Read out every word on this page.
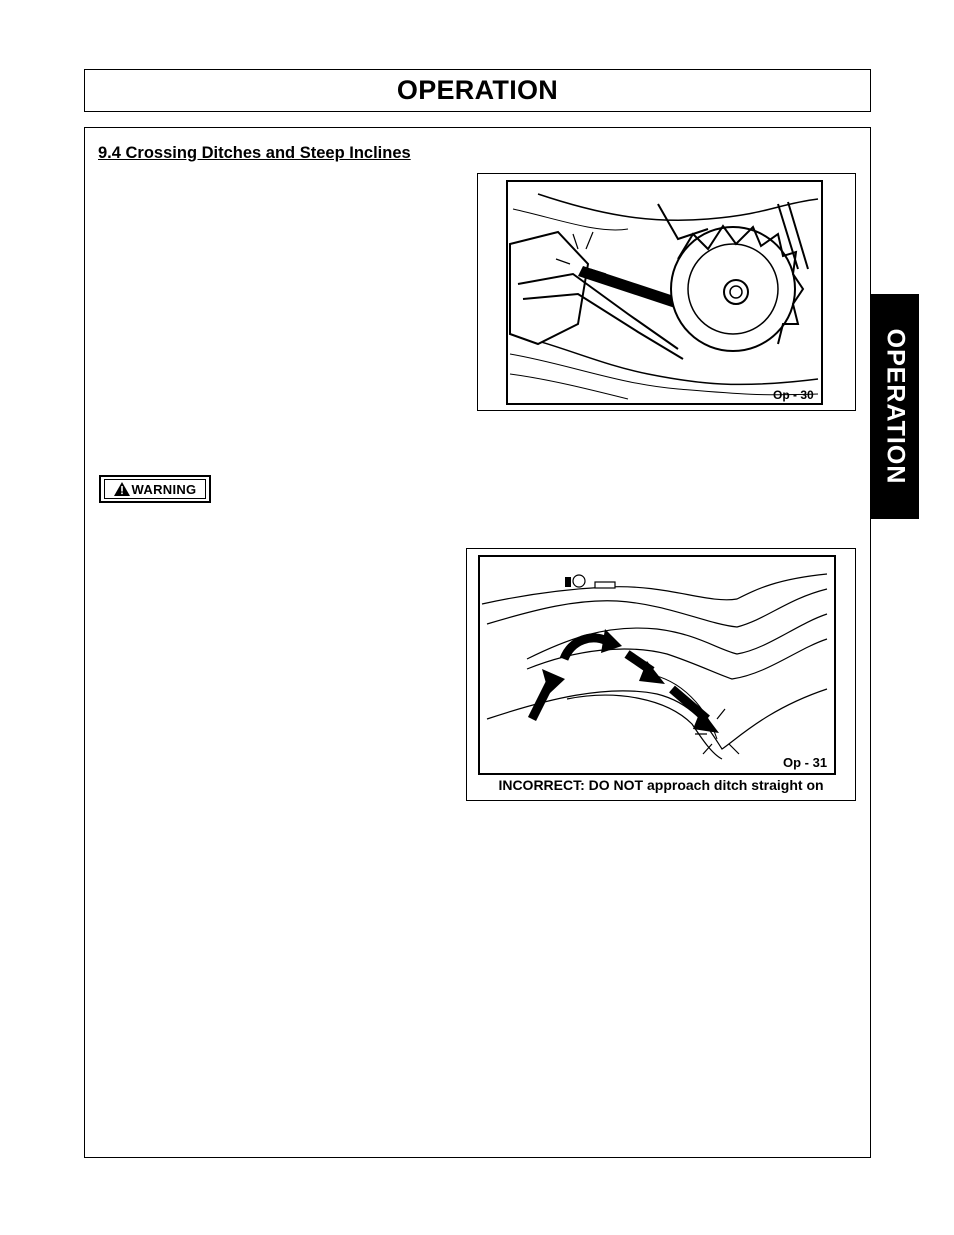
OPERATION
9.4 Crossing Ditches and Steep Inclines
Op - 30
WARNING
Op - 31
INCORRECT: DO NOT approach ditch straight on
OPERATION
